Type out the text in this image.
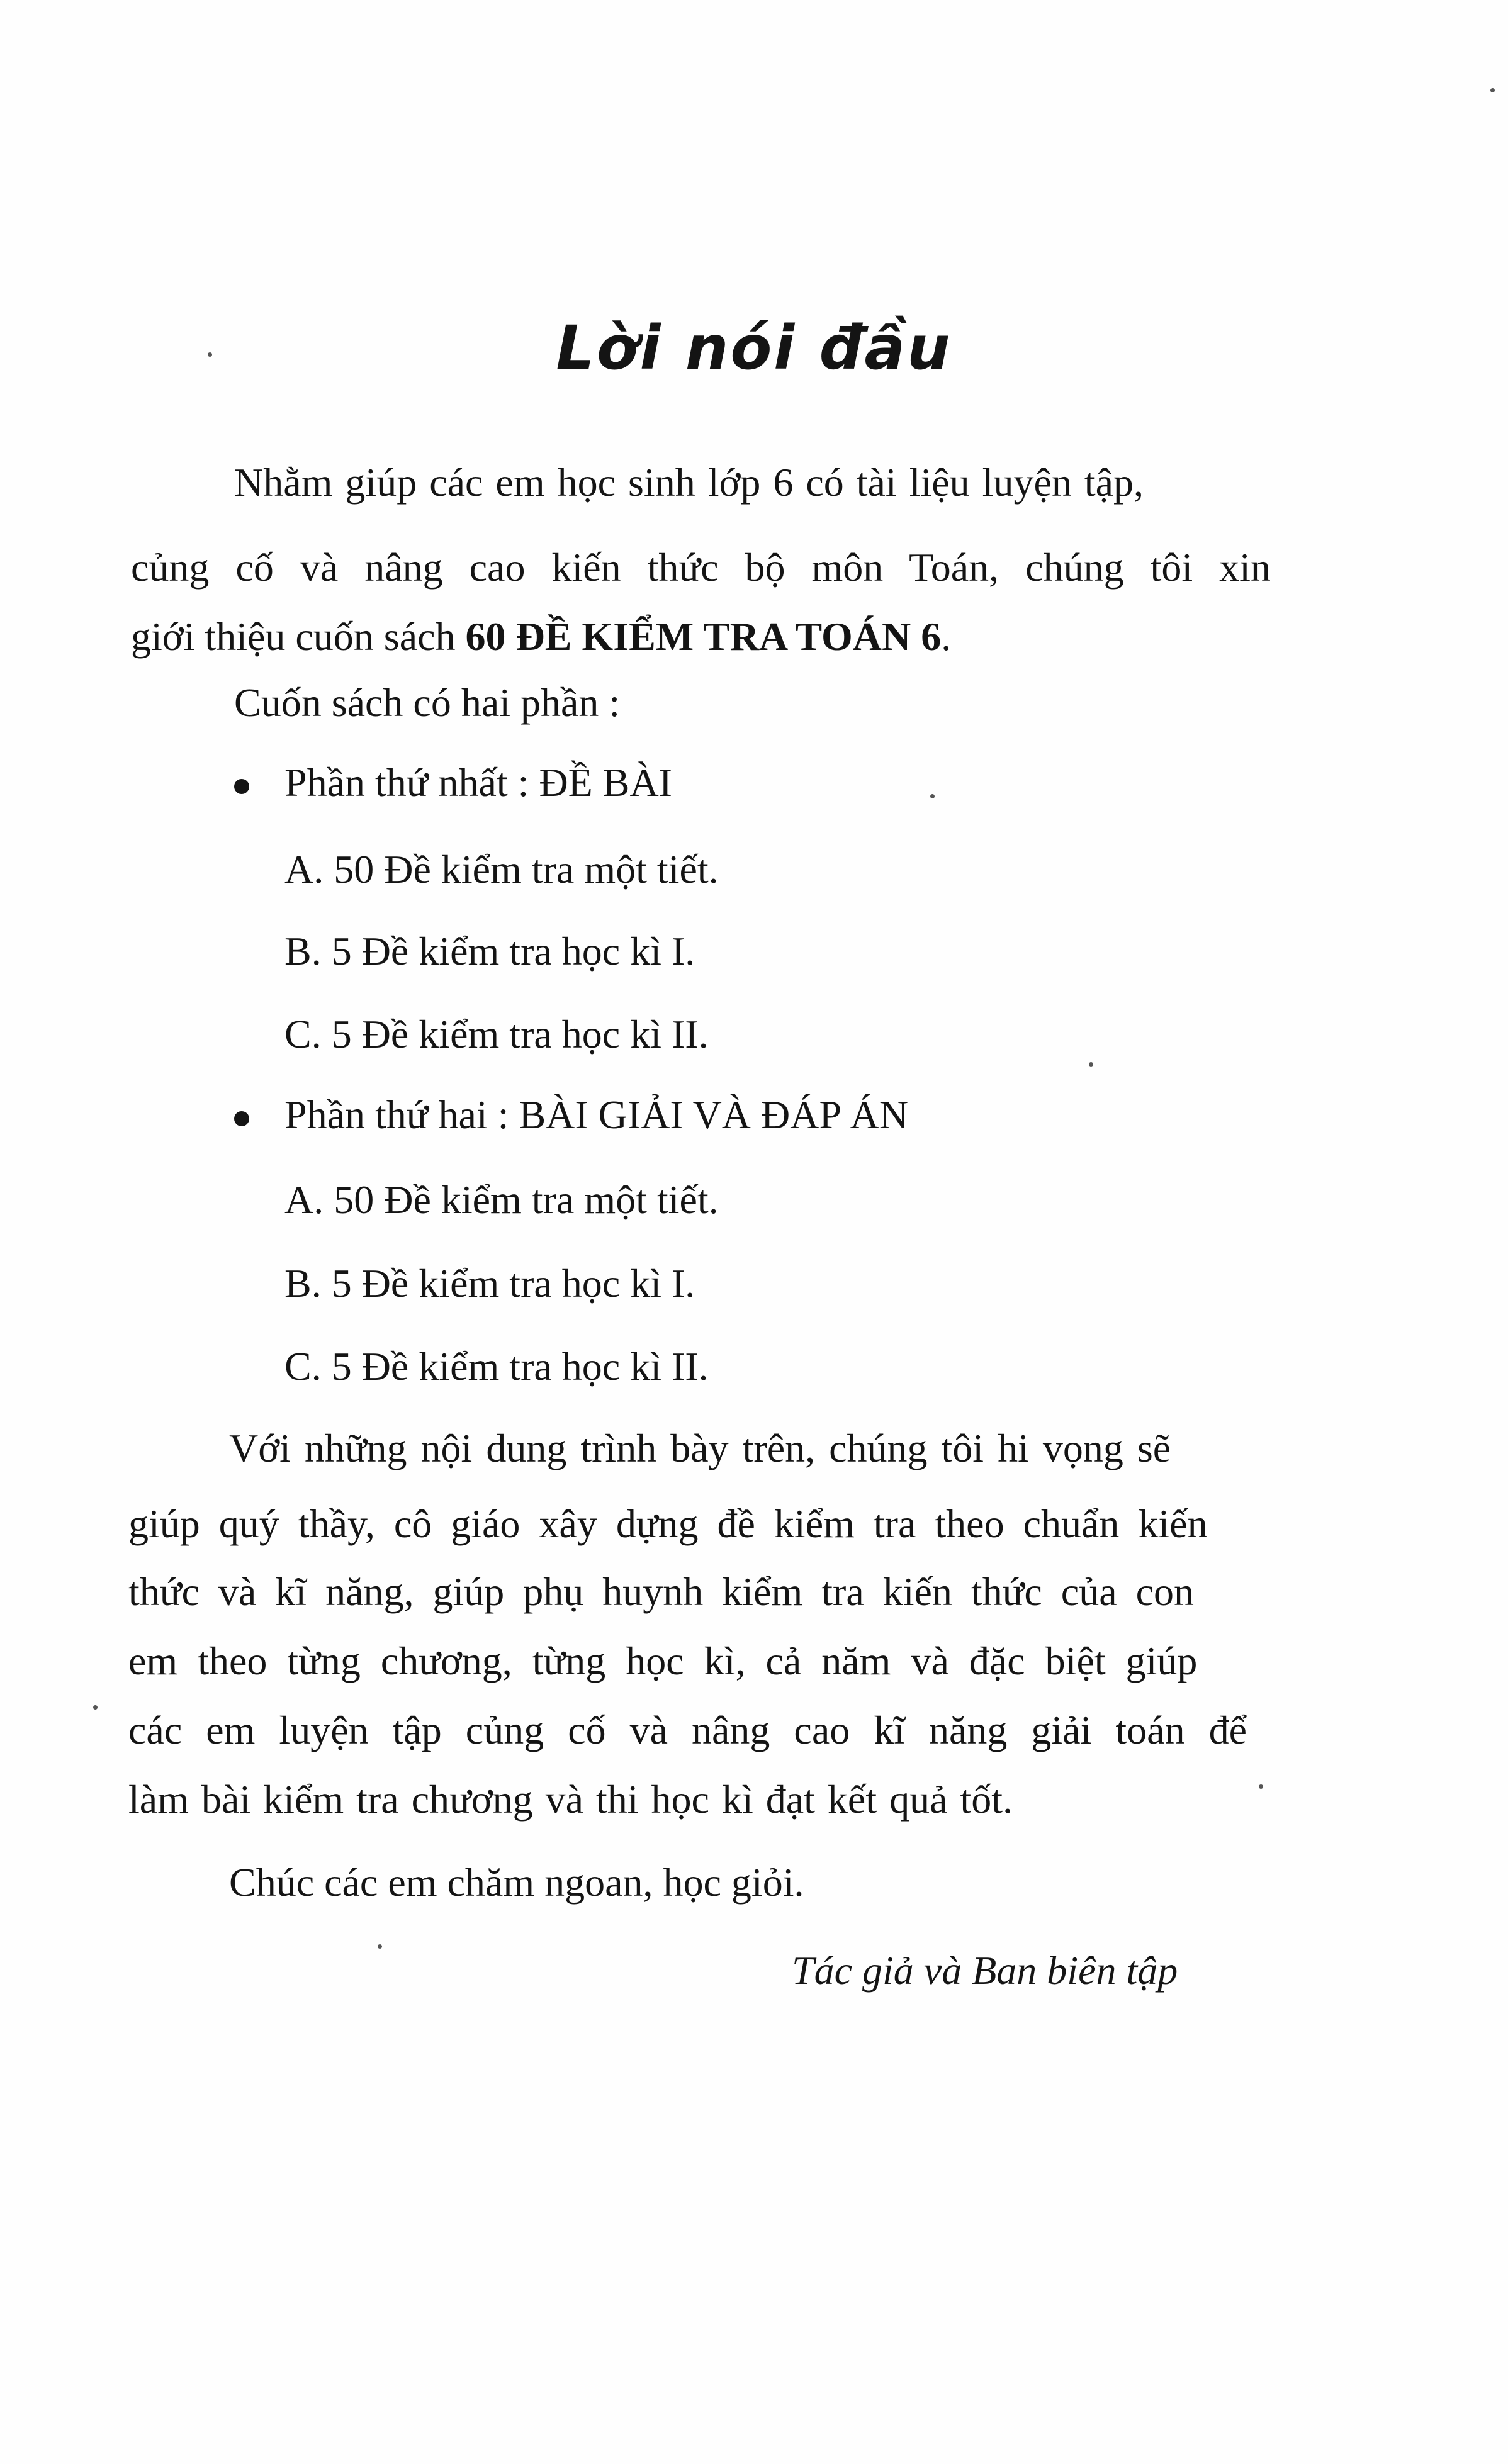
Lời nói đầu

Nhằm giúp các em học sinh lớp 6 có tài liệu luyện tập,

củng cố và nâng cao kiến thức bộ môn Toán, chúng tôi xin

giới thiệu cuốn sách 60 ĐỀ KIỂM TRA TOÁN 6.

Cuốn sách có hai phần :

Phần thứ nhất : ĐỀ BÀI

A. 50 Đề kiểm tra một tiết.

B. 5 Đề kiểm tra học kì I.

C. 5 Đề kiểm tra học kì II.

Phần thứ hai : BÀI GIẢI VÀ ĐÁP ÁN

A. 50 Đề kiểm tra một tiết.

B. 5 Đề kiểm tra học kì I.

C. 5 Đề kiểm tra học kì II.

Với những nội dung trình bày trên, chúng tôi hi vọng sẽ

giúp quý thầy, cô giáo xây dựng đề kiểm tra theo chuẩn kiến

thức và kĩ năng, giúp phụ huynh kiểm tra kiến thức của con

em theo từng chương, từng học kì, cả năm và đặc biệt giúp

các em luyện tập củng cố và nâng cao kĩ năng giải toán để

làm bài kiểm tra chương và thi học kì đạt kết quả tốt.

Chúc các em chăm ngoan, học giỏi.

Tác giả và Ban biên tập
